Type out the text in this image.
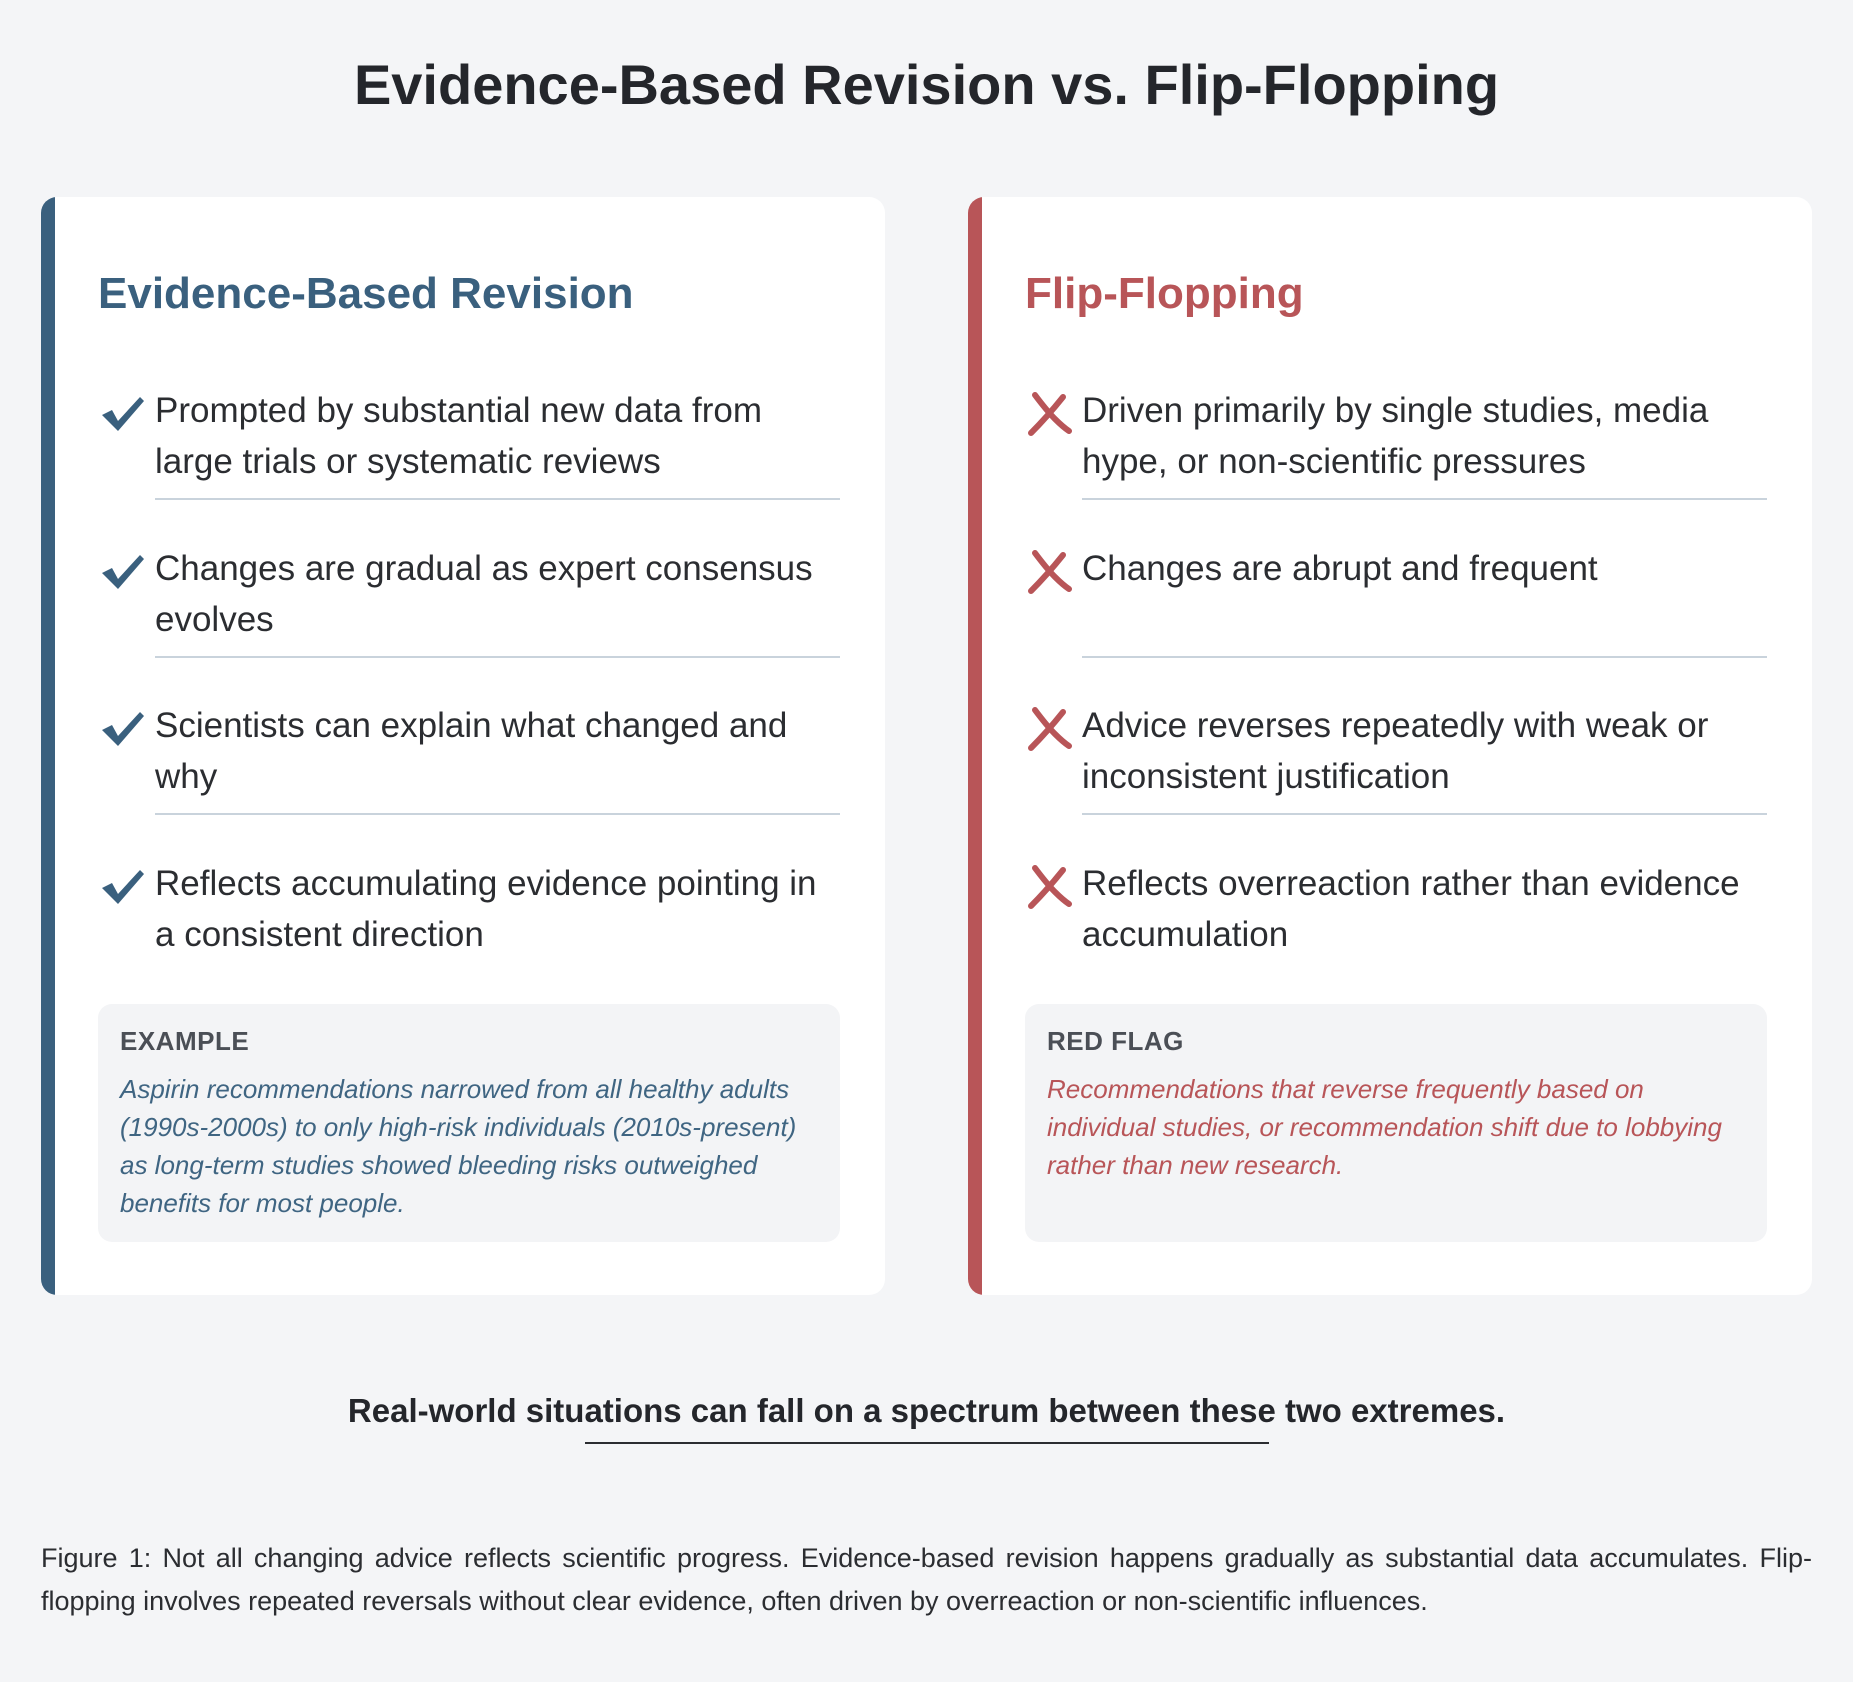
Evidence-Based Revision vs. Flip-Flopping
Evidence-Based Revision
Prompted by substantial new data from large trials or systematic reviews
Changes are gradual as expert consensus evolves
Scientists can explain what changed and why
Reflects accumulating evidence pointing in a consistent direction
EXAMPLE
Aspirin recommendations narrowed from all healthy adults (1990s-2000s) to only high-risk individuals (2010s-present) as long-term studies showed bleeding risks outweighed benefits for most people.
Flip-Flopping
Driven primarily by single studies, media hype, or non-scientific pressures
Changes are abrupt and frequent
Advice reverses repeatedly with weak or inconsistent justification
Reflects overreaction rather than evidence accumulation
RED FLAG
Recommendations that reverse frequently based on individual studies, or recommendation shift due to lobbying rather than new research.
Real-world situations can fall on a spectrum between these two extremes.

Figure 1: Not all changing advice reflects scientific progress. Evidence-based revision happens gradually as substantial data accumulates. Flip-flopping involves repeated reversals without clear evidence, often driven by overreaction or non-scientific influences.
